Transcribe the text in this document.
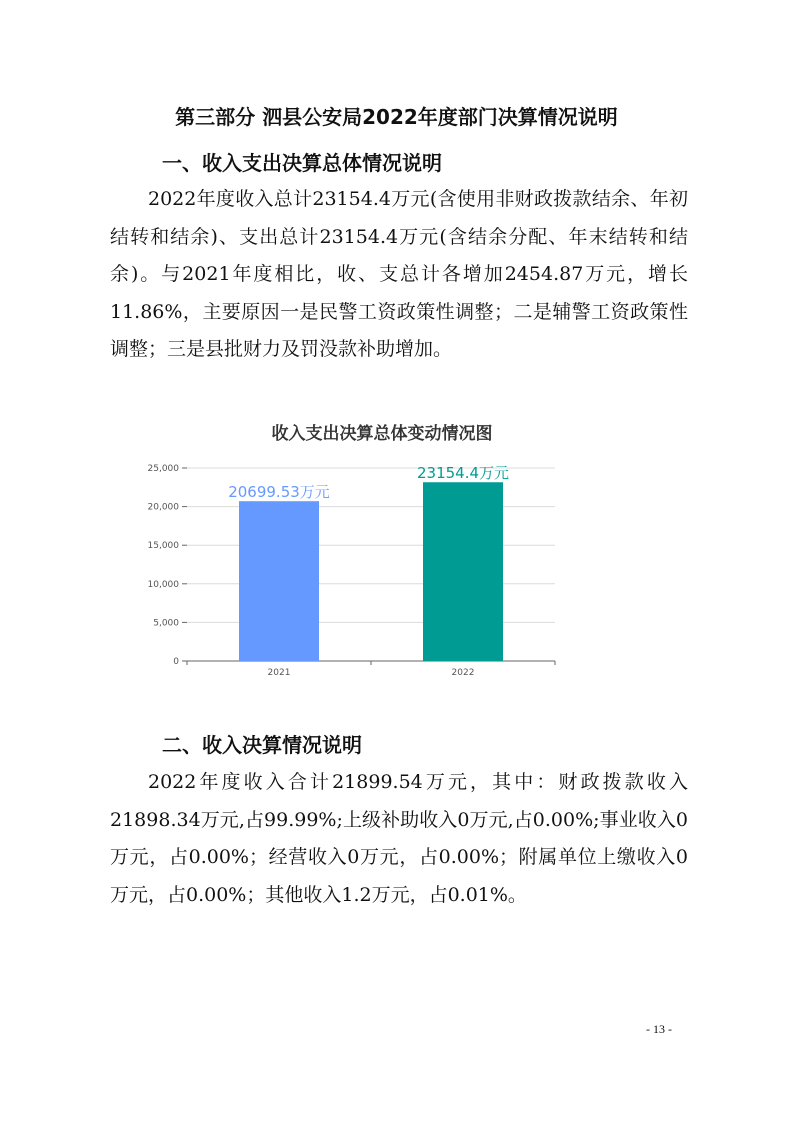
第三部分 泗县公安局2022年度部门决算情况说明
一、收入支出决算总体情况说明

2022年度收入总计23154.4万元(含使用非财政拨款结余、年初结转和结余)、支出总计23154.4万元(含结余分配、年末结转和结余)。与2021年度相比，收、支总计各增加2454.87万元，增长11.86%，主要原因一是民警工资政策性调整；二是辅警工资政策性调整；三是县批财力及罚没款补助增加。

收入支出决算总体变动情况图
0
5,000
10,000
15,000
20,000
25,000
20699.53万元
23154.4万元
2021	2022
二、收入决算情况说明

2022年度收入合计21899.54万元，其中：财政拨款收入21898.34万元,占99.99%;上级补助收入0万元,占0.00%;事业收入0万元，占0.00%；经营收入0万元，占0.00%；附属单位上缴收入0万元，占0.00%；其他收入1.2万元，占0.01%。

- 13 -
